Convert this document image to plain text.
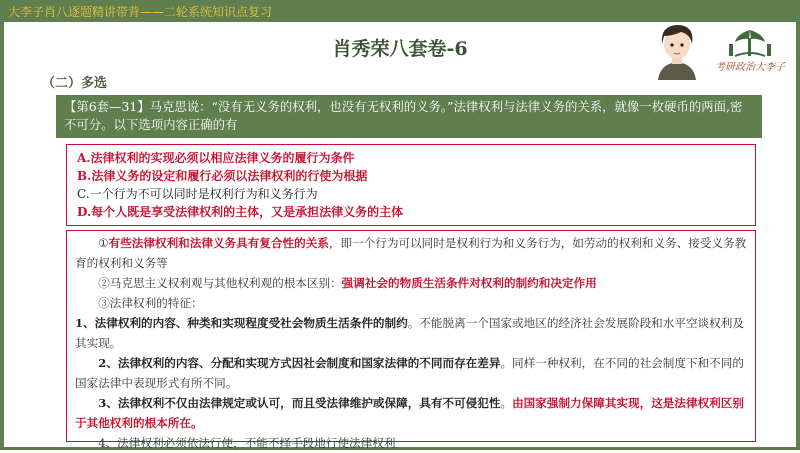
大李子肖八逐题精讲带背——二轮系统知识点复习
肖秀荣八套卷-6
（二）多选
考研政治大李子
【第6套—31】马克思说：“没有无义务的权利，也没有无权利的义务。”法律权利与法律义务的关系，就像一枚硬币的两面,密不可分。以下选项内容正确的有
A.法律权利的实现必须以相应法律义务的履行为条件
B.法律义务的设定和履行必须以法律权利的行使为根据
C.一个行为不可以同时是权利行为和义务行为
D.每个人既是享受法律权利的主体，又是承担法律义务的主体

①有些法律权利和法律义务具有复合性的关系，即一个行为可以同时是权利行为和义务行为，如劳动的权利和义务、接受义务教育的权利和义务等

②马克思主义权利观与其他权利观的根本区别：强调社会的物质生活条件对权利的制约和决定作用

③法律权利的特征：

1、法律权利的内容、种类和实现程度受社会物质生活条件的制约。不能脱离一个国家或地区的经济社会发展阶段和水平空谈权利及其实现。

2、法律权利的内容、分配和实现方式因社会制度和国家法律的不同而存在差异。同样一种权利，在不同的社会制度下和不同的国家法律中表现形式有所不同。

3、法律权利不仅由法律规定或认可，而且受法律维护或保障，具有不可侵犯性。由国家强制力保障其实现，这是法律权利区别于其他权利的根本所在。

4、法律权利必须依法行使，不能不择手段地行使法律权利
